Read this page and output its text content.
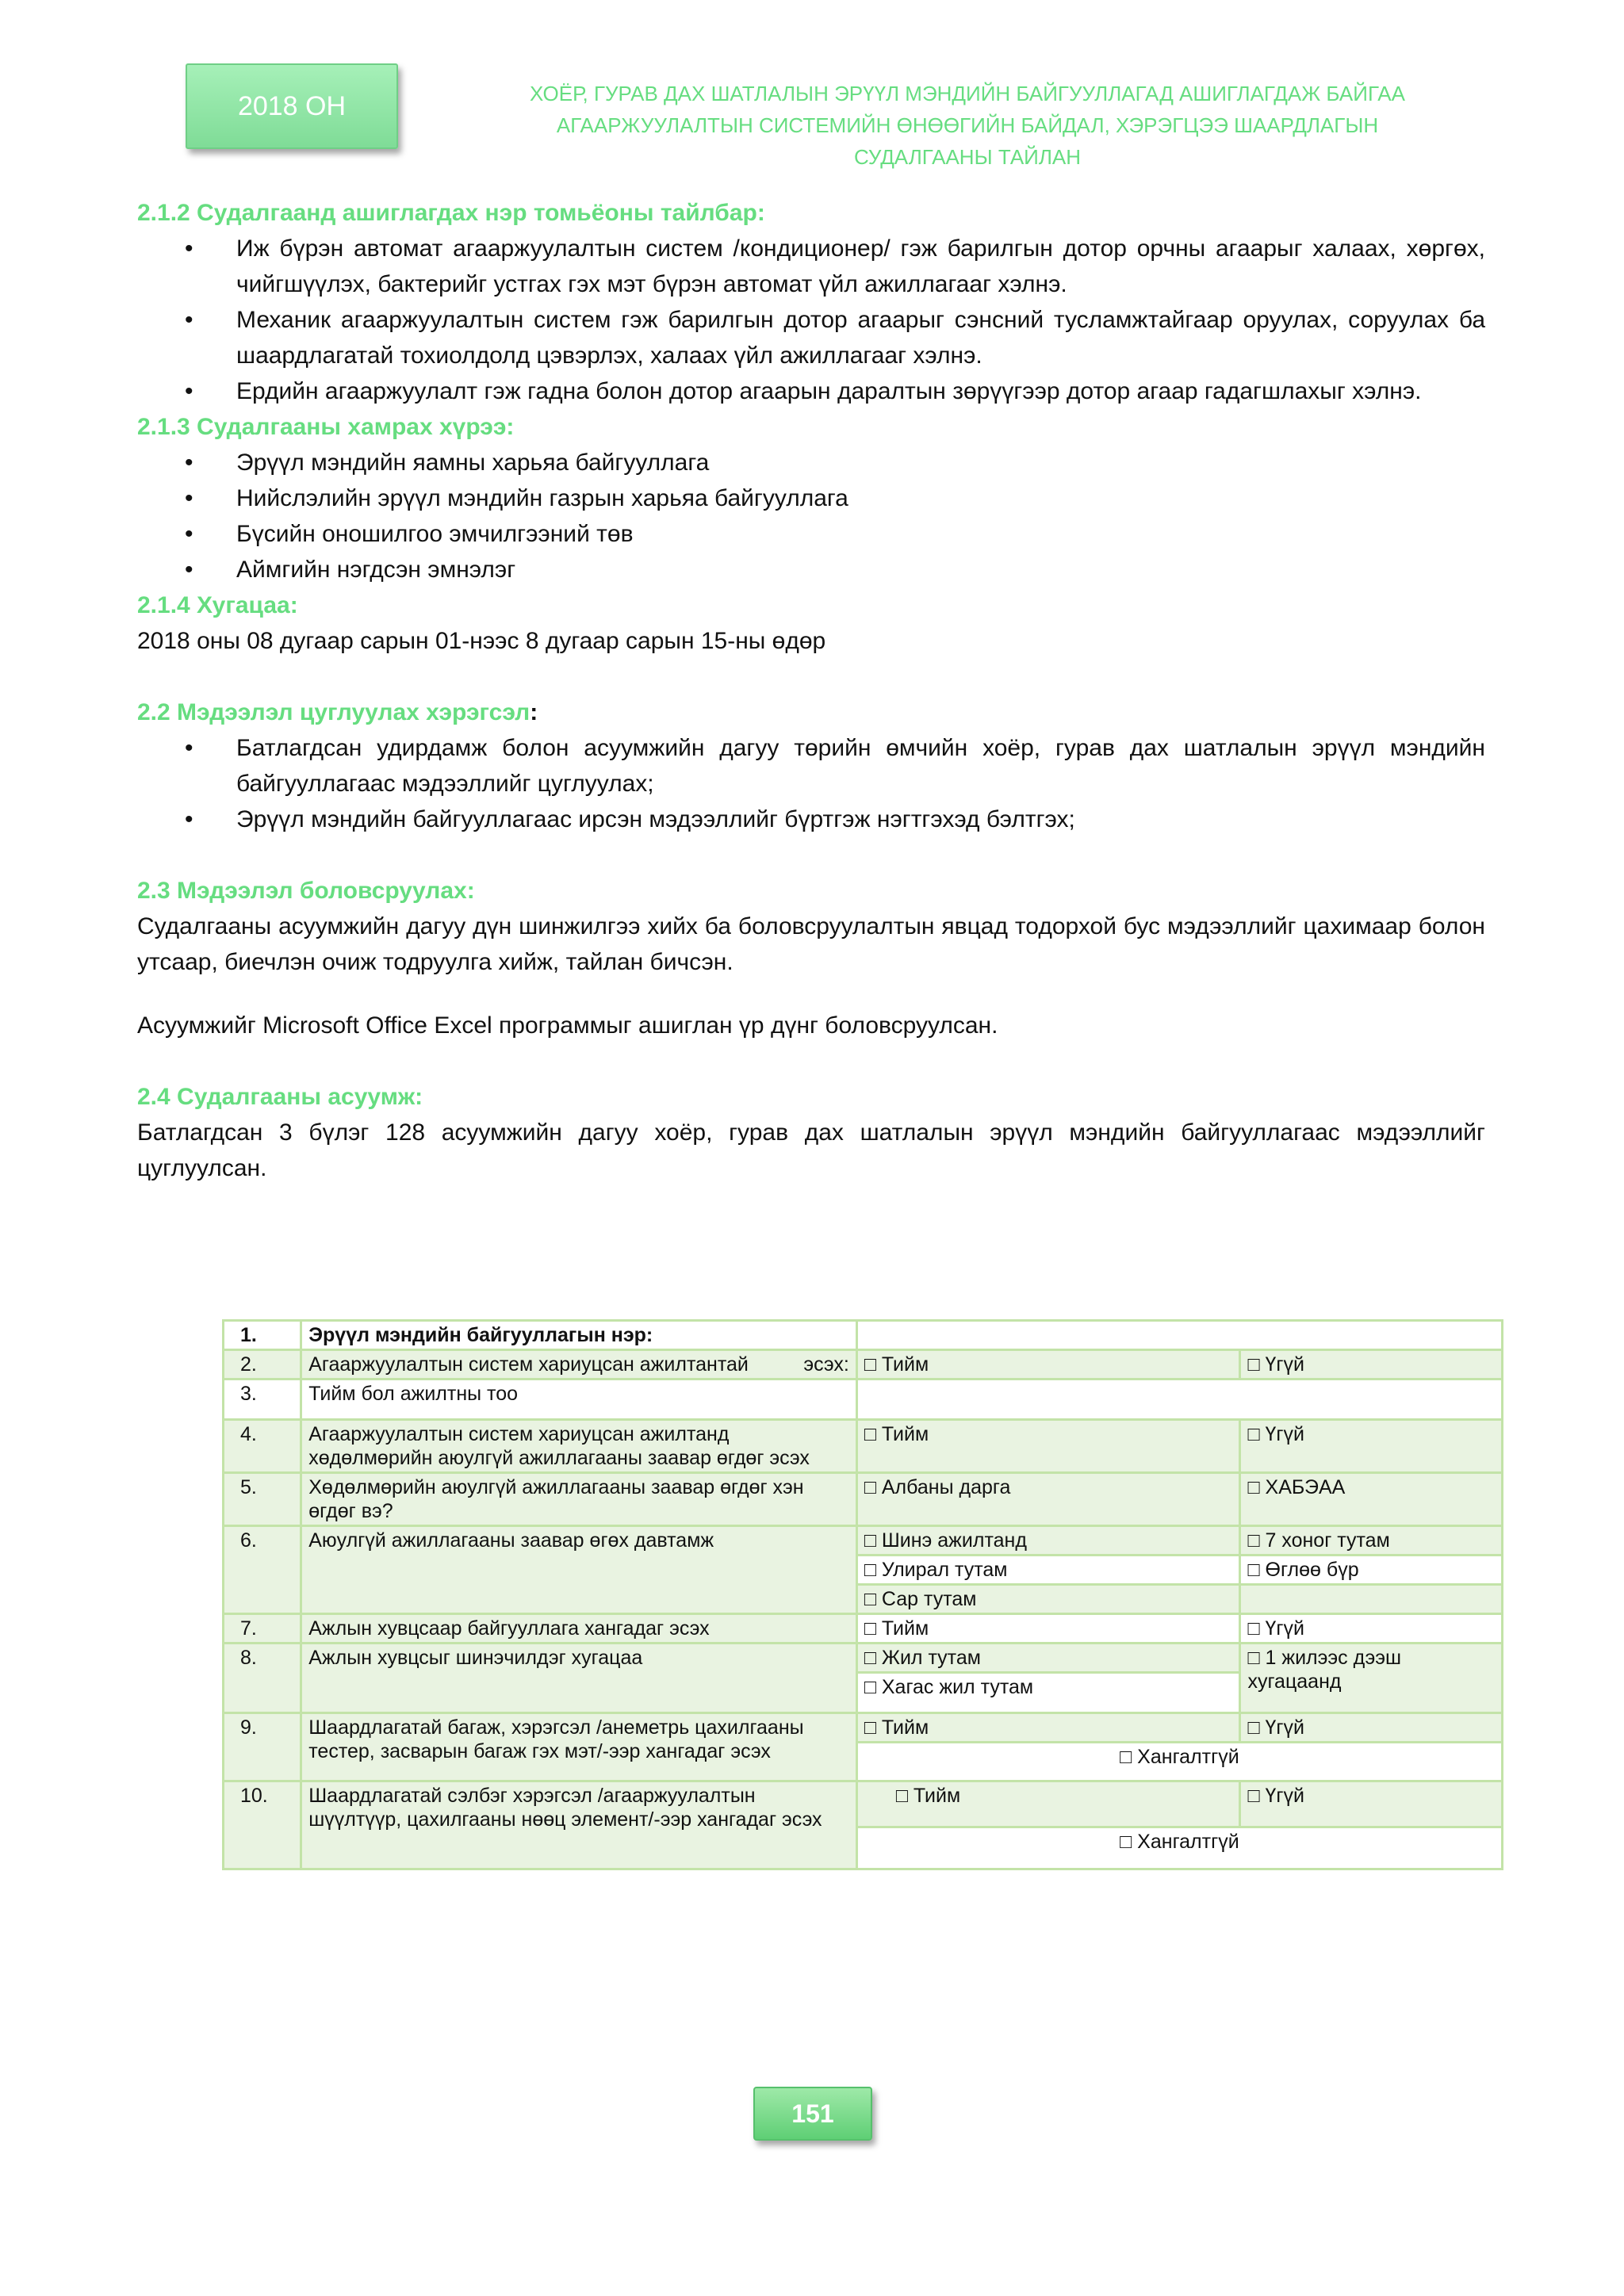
2018 ОН	ХОЁР, ГУРАВ ДАХ ШАТЛАЛЫН ЭРҮҮЛ МЭНДИЙН БАЙГУУЛЛАГАД АШИГЛАГДАЖ БАЙГАА
АГААРЖУУЛАЛТЫН СИСТЕМИЙН ӨНӨӨГИЙН БАЙДАЛ, ХЭРЭГЦЭЭ ШААРДЛАГЫН
СУДАЛГААНЫ ТАЙЛАН
2.1.2 Судалгаанд ашиглагдах нэр томьёоны тайлбар:
• Иж бүрэн автомат агааржуулалтын систем /кондиционер/ гэж барилгын дотор орчны агаарыг халаах, хөргөх, чийгшүүлэх, бактерийг устгах гэх мэт бүрэн автомат үйл ажиллагааг хэлнэ.
• Механик агааржуулалтын систем гэж барилгын дотор агаарыг сэнсний тусламжтайгаар оруулах, соруулах ба шаардлагатай тохиолдолд цэвэрлэх, халаах үйл ажиллагааг хэлнэ.
• Ердийн агааржуулалт гэж гадна болон дотор агаарын даралтын зөрүүгээр дотор агаар гадагшлахыг хэлнэ.
2.1.3 Судалгааны хамрах хүрээ:
• Эрүүл мэндийн яамны харьяа байгууллага
• Нийслэлийн эрүүл мэндийн газрын харьяа байгууллага
• Бүсийн оношилгоо эмчилгээний төв
• Аймгийн нэгдсэн эмнэлэг
2.1.4 Хугацаа:

2018 оны 08 дугаар сарын 01-нээс 8 дугаар сарын 15-ны өдөр

2.2 Мэдээлэл цуглуулах хэрэгсэл:
• Батлагдсан удирдамж болон асуумжийн дагуу төрийн өмчийн хоёр, гурав дах шатлалын эрүүл мэндийн байгууллагаас мэдээллийг цуглуулах;
• Эрүүл мэндийн байгууллагаас ирсэн мэдээллийг бүртгэж нэгтгэхэд бэлтгэх;
2.3 Мэдээлэл боловсруулах:

Судалгааны асуумжийн дагуу дүн шинжилгээ хийх ба боловсруулалтын явцад тодорхой бус мэдээллийг цахимаар болон утсаар, биечлэн очиж тодруулга хийж, тайлан бичсэн.

Асуумжийг Microsoft Office Excel программыг ашиглан үр дүнг боловсруулсан.

2.4 Судалгааны асуумж:

Батлагдсан 3 бүлэг 128 асуумжийн дагуу хоёр, гурав дах шатлалын эрүүл мэндийн байгууллагаас мэдээллийг цуглуулсан.

1.	Эрүүл мэндийн байгууллагын нэр:		
2.	Агааржуулалтын систем хариуцсан ажилтантай эсэх:	□ Тийм	□ Үгүй
3.	Тийм бол ажилтны тоо		
4.	Агааржуулалтын систем хариуцсан ажилтанд хөдөлмөрийн аюулгүй ажиллагааны заавар өгдөг эсэх	□ Тийм	□ Үгүй
5.	Хөдөлмөрийн аюулгүй ажиллагааны заавар өгдөг хэн өгдөг вэ?	□ Албаны дарга	□ ХАБЭАА
6.	Аюулгүй ажиллагааны заавар өгөх давтамж	□ Шинэ ажилтанд	□ 7 хоног тутам
		□ Улирал тутам	□ Өглөө бүр
		□ Сар тутам	
7.	Ажлын хувцсаар байгууллага хангадаг эсэх	□ Тийм	□ Үгүй
8.	Ажлын хувцсыг шинэчилдэг хугацаа	□ Жил тутам	□ 1 жилээс дээш хугацаанд
		□ Хагас жил тутам	
9.	Шаардлагатай багаж, хэрэгсэл /анеметрь цахилгааны тестер, засварын багаж гэх мэт/-ээр хангадаг эсэх	□ Тийм	□ Үгүй
		□ Хангалтгүй	
10.	Шаардлагатай сэлбэг хэрэгсэл /агааржуулалтын шүүлтүүр, цахилгааны нөөц элемент/-ээр хангадаг эсэх	□ Тийм	□ Үгүй
		□ Хангалтгүй	
151
